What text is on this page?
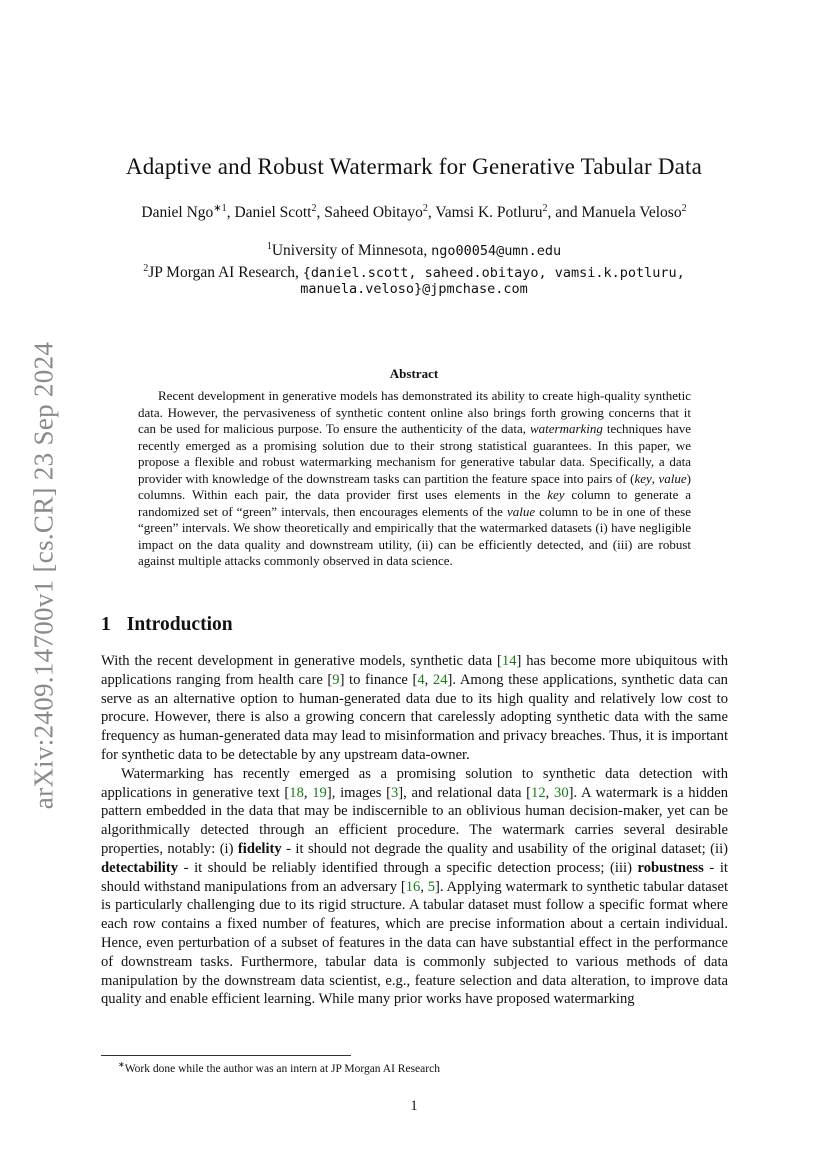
arXiv:2409.14700v1 [cs.CR] 23 Sep 2024
Adaptive and Robust Watermark for Generative Tabular Data
Daniel Ngo$^{∗1}$, Daniel Scott$^2$, Saheed Obitayo$^2$, Vamsi K. Potluru$^2$, and Manuela Veloso$^2$
$^1$University of Minnesota, ngo00054@umn.edu
$^2$JP Morgan AI Research, {daniel.scott, saheed.obitayo, vamsi.k.potluru,
manuela.veloso}@jpmchase.com
Abstract
Recent development in generative models has demonstrated its ability to create high-quality synthetic data. However, the pervasiveness of synthetic content online also brings forth growing concerns that it can be used for malicious purpose. To ensure the authenticity of the data, watermarking techniques have recently emerged as a promising solution due to their strong statistical guarantees. In this paper, we propose a flexible and robust watermarking mechanism for generative tabular data. Specifically, a data provider with knowledge of the downstream tasks can partition the feature space into pairs of (key, value) columns. Within each pair, the data provider first uses elements in the key column to generate a randomized set of “green” intervals, then encourages elements of the value column to be in one of these “green” intervals. We show theoretically and empirically that the watermarked datasets (i) have negligible impact on the data quality and downstream utility, (ii) can be efficiently detected, and (iii) are robust against multiple attacks commonly observed in data science.
1 Introduction

With the recent development in generative models, synthetic data [14] has become more ubiquitous with applications ranging from health care [9] to finance [4, 24]. Among these applications, synthetic data can serve as an alternative option to human-generated data due to its high quality and relatively low cost to procure. However, there is also a growing concern that carelessly adopting synthetic data with the same frequency as human-generated data may lead to misinformation and privacy breaches. Thus, it is important for synthetic data to be detectable by any upstream data-owner.

Watermarking has recently emerged as a promising solution to synthetic data detection with applications in generative text [18, 19], images [3], and relational data [12, 30]. A watermark is a hidden pattern embedded in the data that may be indiscernible to an oblivious human decision-maker, yet can be algorithmically detected through an efficient procedure. The watermark carries several desirable properties, notably: (i) fidelity - it should not degrade the quality and usability of the original dataset; (ii) detectability - it should be reliably identified through a specific detection process; (iii) robustness - it should withstand manipulations from an adversary [16, 5]. Applying watermark to synthetic tabular dataset is particularly challenging due to its rigid structure. A tabular dataset must follow a specific format where each row contains a fixed number of features, which are precise information about a certain individual. Hence, even perturbation of a subset of features in the data can have substantial effect in the performance of downstream tasks. Furthermore, tabular data is commonly subjected to various methods of data manipulation by the downstream data scientist, e.g., feature selection and data alteration, to improve data quality and enable efficient learning. While many prior works have proposed watermarking

∗Work done while the author was an intern at JP Morgan AI Research
1
